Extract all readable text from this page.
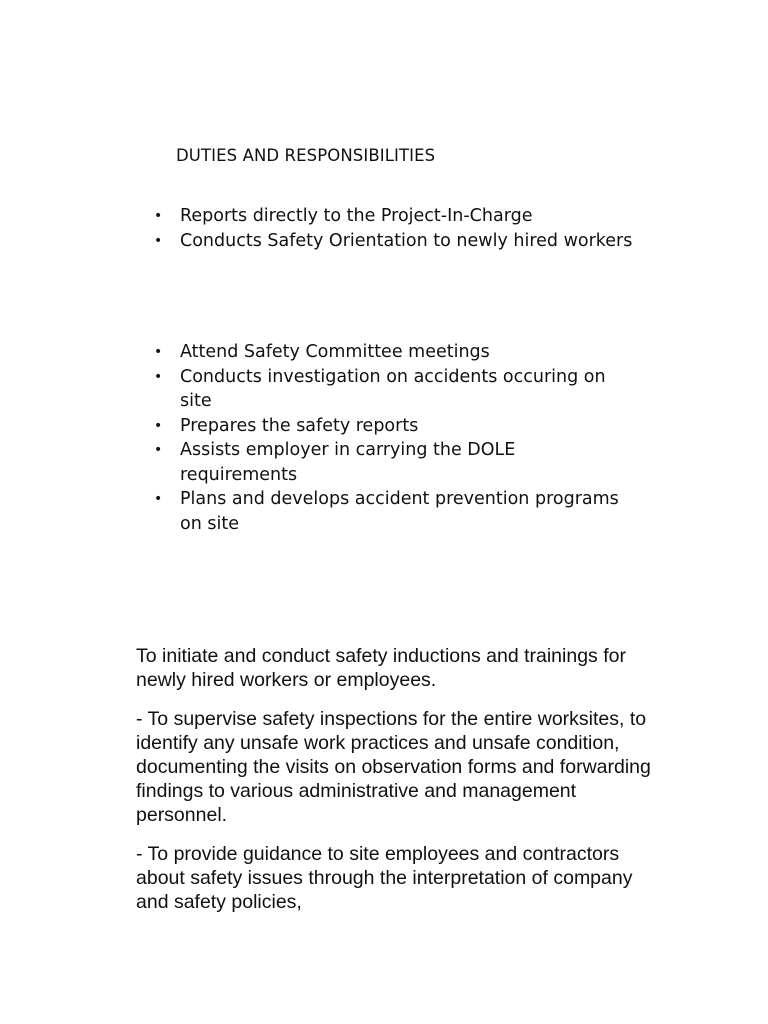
DUTIES AND RESPONSIBILITIES
• Reports directly to the Project-In-Charge
• Conducts Safety Orientation to newly hired workers
• Attend Safety Committee meetings
• Conducts investigation on accidents occuring on site
• Prepares the safety reports
• Assists employer in carrying the DOLE requirements
• Plans and develops accident prevention programs on site

To initiate and conduct safety inductions and trainings for newly hired workers or employees.

- To supervise safety inspections for the entire worksites, to identify any unsafe work practices and unsafe condition, documenting the visits on observation forms and forwarding findings to various administrative and management personnel.

- To provide guidance to site employees and contractors about safety issues through the interpretation of company and safety policies,
